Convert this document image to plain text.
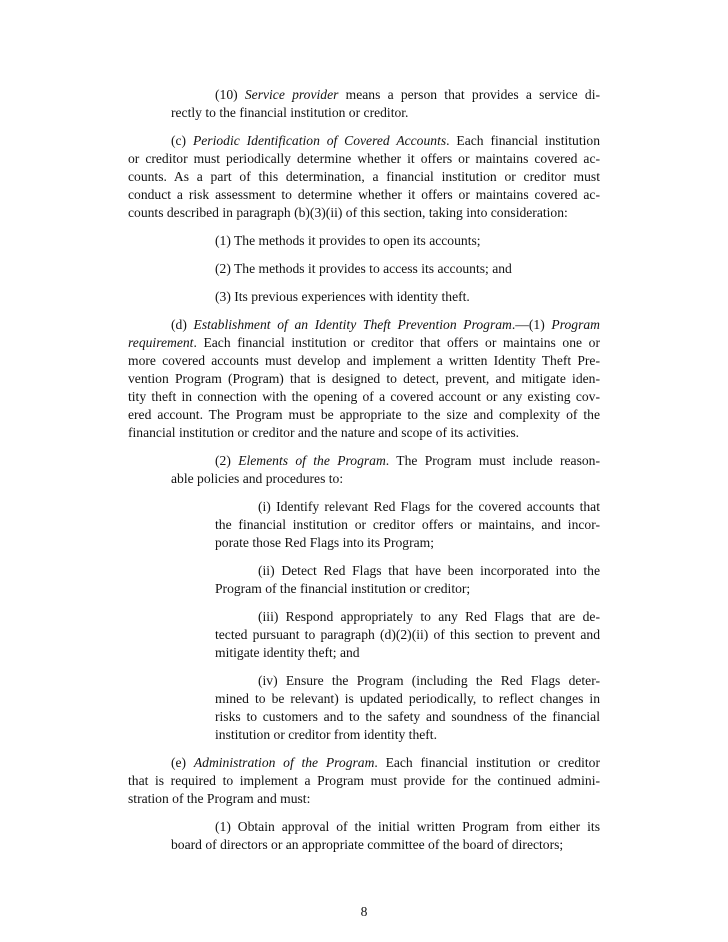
(10) Service provider means a person that provides a service di-
rectly to the financial institution or creditor.
(c) Periodic Identification of Covered Accounts. Each financial institution
or creditor must periodically determine whether it offers or maintains covered ac-
counts. As a part of this determination, a financial institution or creditor must
conduct a risk assessment to determine whether it offers or maintains covered ac-
counts described in paragraph (b)(3)(ii) of this section, taking into consideration:
(1) The methods it provides to open its accounts;
(2) The methods it provides to access its accounts; and
(3) Its previous experiences with identity theft.
(d) Establishment of an Identity Theft Prevention Program.—(1) Program
requirement. Each financial institution or creditor that offers or maintains one or
more covered accounts must develop and implement a written Identity Theft Pre-
vention Program (Program) that is designed to detect, prevent, and mitigate iden-
tity theft in connection with the opening of a covered account or any existing cov-
ered account. The Program must be appropriate to the size and complexity of the
financial institution or creditor and the nature and scope of its activities.
(2) Elements of the Program. The Program must include reason-
able policies and procedures to:
(i) Identify relevant Red Flags for the covered accounts that
the financial institution or creditor offers or maintains, and incor-
porate those Red Flags into its Program;
(ii) Detect Red Flags that have been incorporated into the
Program of the financial institution or creditor;
(iii) Respond appropriately to any Red Flags that are de-
tected pursuant to paragraph (d)(2)(ii) of this section to prevent and
mitigate identity theft; and
(iv) Ensure the Program (including the Red Flags deter-
mined to be relevant) is updated periodically, to reflect changes in
risks to customers and to the safety and soundness of the financial
institution or creditor from identity theft.
(e) Administration of the Program. Each financial institution or creditor
that is required to implement a Program must provide for the continued admini-
stration of the Program and must:
(1) Obtain approval of the initial written Program from either its
board of directors or an appropriate committee of the board of directors;
8
